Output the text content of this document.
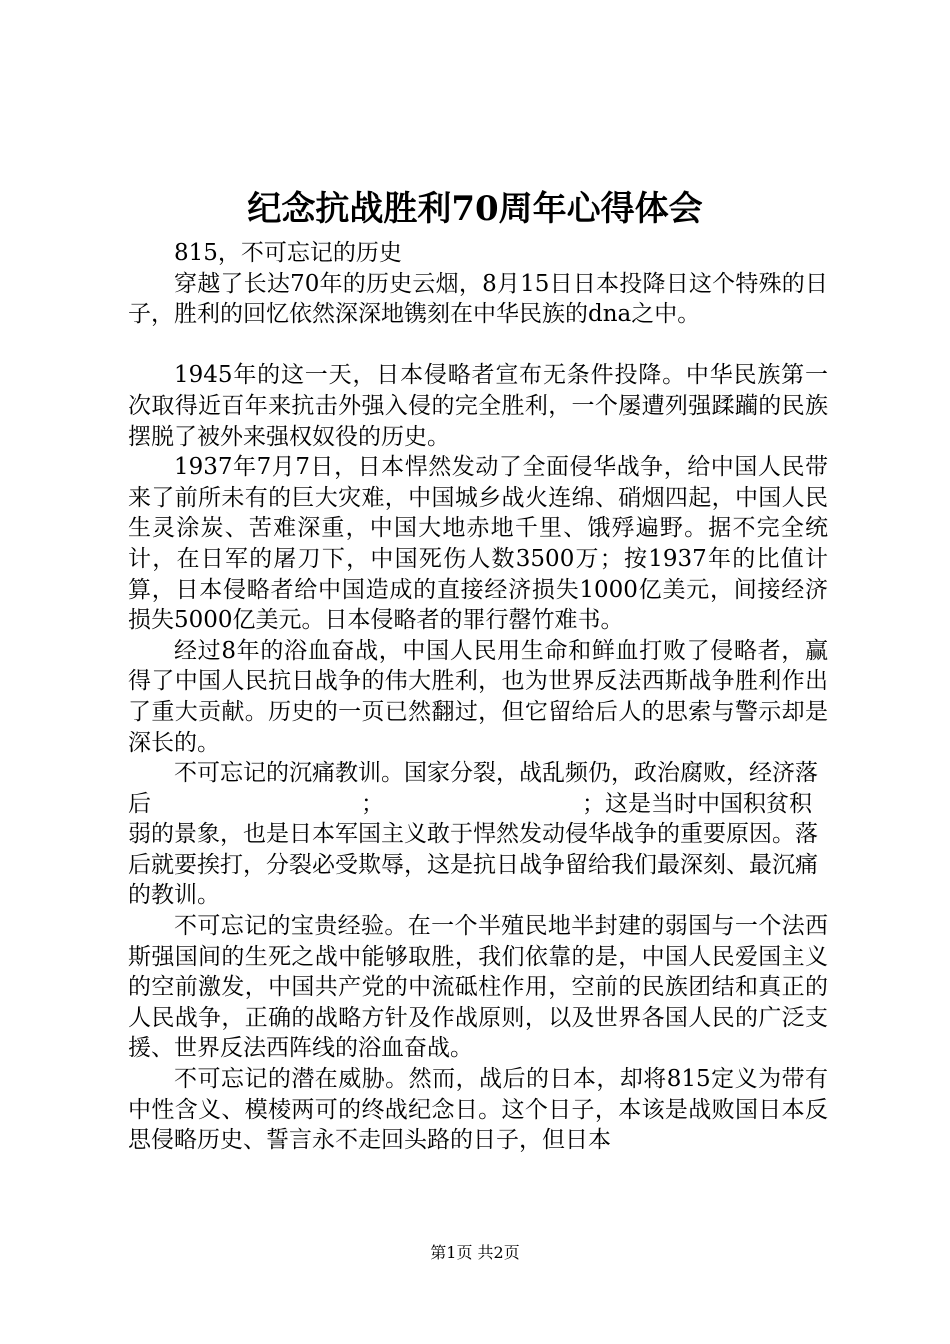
纪念抗战胜利70周年心得体会

815，不可忘记的历史

穿越了长达70年的历史云烟，8月15日日本投降日这个特殊的日子，胜利的回忆依然深深地镌刻在中华民族的dna之中。

1945年的这一天，日本侵略者宣布无条件投降。中华民族第一次取得近百年来抗击外强入侵的完全胜利，一个屡遭列强蹂躏的民族摆脱了被外来强权奴役的历史。

1937年7月7日，日本悍然发动了全面侵华战争，给中国人民带来了前所未有的巨大灾难，中国城乡战火连绵、硝烟四起，中国人民生灵涂炭、苦难深重，中国大地赤地千里、饿殍遍野。据不完全统计，在日军的屠刀下，中国死伤人数3500万；按1937年的比值计算，日本侵略者给中国造成的直接经济损失1000亿美元，间接经济损失5000亿美元。日本侵略者的罪行罄竹难书。

经过8年的浴血奋战，中国人民用生命和鲜血打败了侵略者，赢得了中国人民抗日战争的伟大胜利，也为世界反法西斯战争胜利作出了重大贡献。历史的一页已然翻过，但它留给后人的思索与警示却是深长的。

不可忘记的沉痛教训。国家分裂，战乱频仍，政治腐败，经济落后	；	；这是当时中国积贫积弱的景象，也是日本军国主义敢于悍然发动侵华战争的重要原因。落后就要挨打，分裂必受欺辱，这是抗日战争留给我们最深刻、最沉痛的教训。

不可忘记的宝贵经验。在一个半殖民地半封建的弱国与一个法西斯强国间的生死之战中能够取胜，我们依靠的是，中国人民爱国主义的空前激发，中国共产党的中流砥柱作用，空前的民族团结和真正的人民战争，正确的战略方针及作战原则，以及世界各国人民的广泛支援、世界反法西阵线的浴血奋战。

不可忘记的潜在威胁。然而，战后的日本，却将815定义为带有中性含义、模棱两可的终战纪念日。这个日子，本该是战败国日本反思侵略历史、誓言永不走回头路的日子，但日本

第1页 共2页
